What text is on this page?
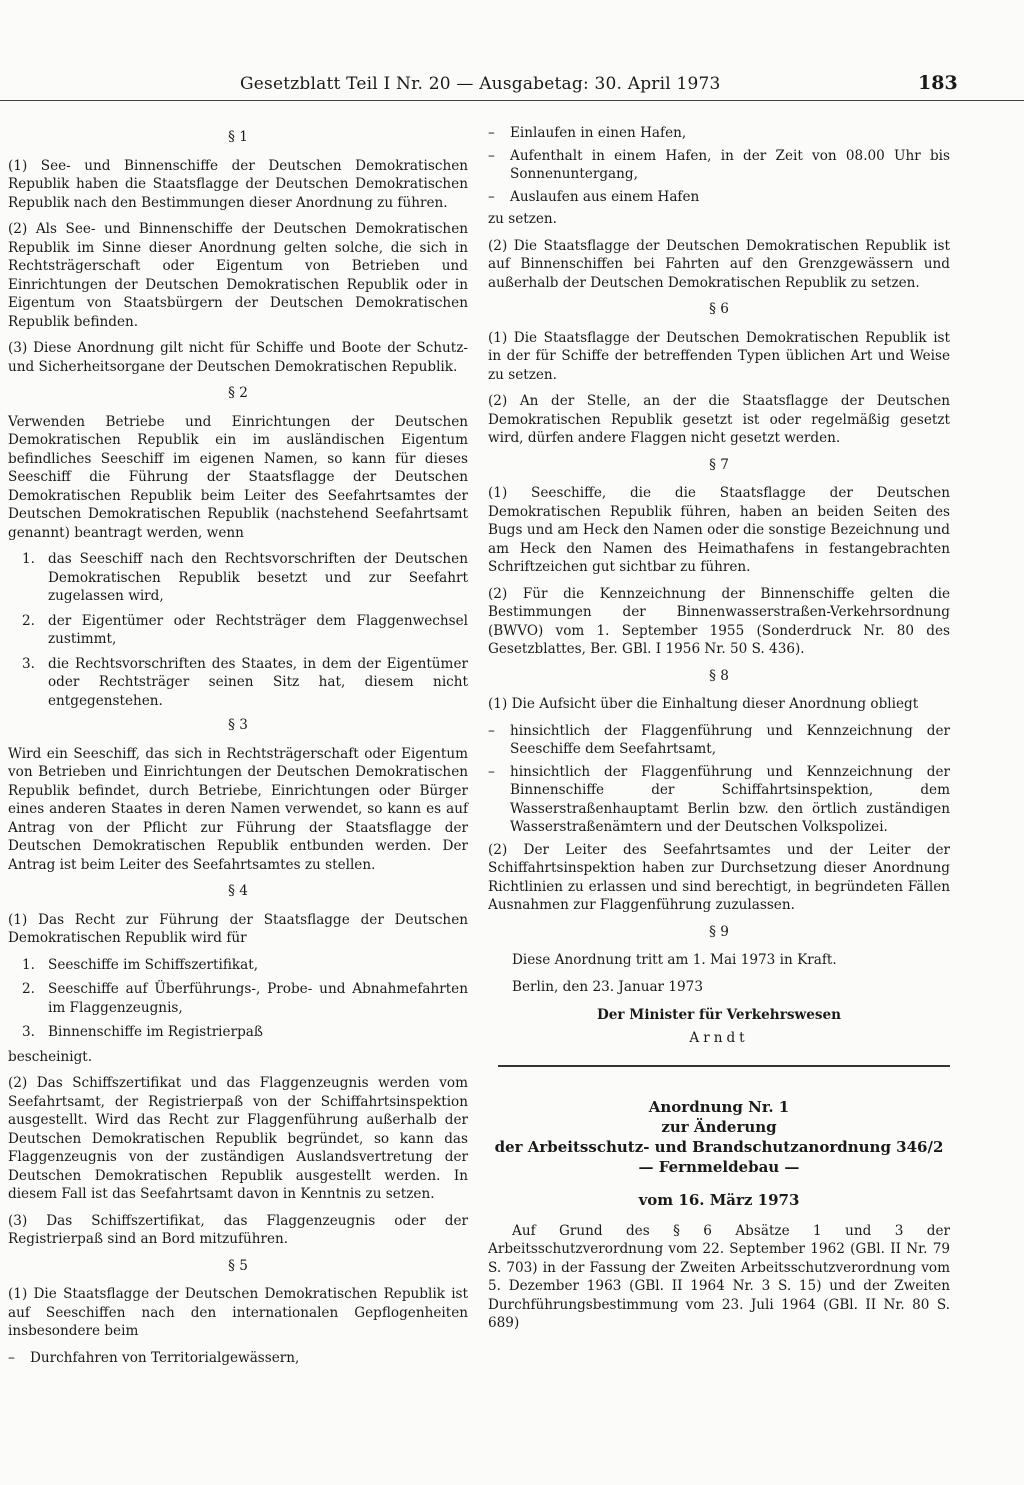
Gesetzblatt Teil I Nr. 20 — Ausgabetag: 30. April 1973	183
§ 1

(1) See- und Binnenschiffe der Deutschen Demokratischen Republik haben die Staatsflagge der Deutschen Demokratischen Republik nach den Bestimmungen dieser Anordnung zu führen.

(2) Als See- und Binnenschiffe der Deutschen Demokratischen Republik im Sinne dieser Anordnung gelten solche, die sich in Rechtsträgerschaft oder Eigentum von Betrieben und Einrichtungen der Deutschen Demokratischen Republik oder in Eigentum von Staatsbürgern der Deutschen Demokratischen Republik befinden.

(3) Diese Anordnung gilt nicht für Schiffe und Boote der Schutz- und Sicherheitsorgane der Deutschen Demokratischen Republik.

§ 2

Verwenden Betriebe und Einrichtungen der Deutschen Demokratischen Republik ein im ausländischen Eigentum befindliches Seeschiff im eigenen Namen, so kann für dieses Seeschiff die Führung der Staatsflagge der Deutschen Demokratischen Republik beim Leiter des Seefahrtsamtes der Deutschen Demokratischen Republik (nachstehend Seefahrtsamt genannt) beantragt werden, wenn

1. das Seeschiff nach den Rechtsvorschriften der Deutschen Demokratischen Republik besetzt und zur Seefahrt zugelassen wird,
2. der Eigentümer oder Rechtsträger dem Flaggenwechsel zustimmt,
3. die Rechtsvorschriften des Staates, in dem der Eigentümer oder Rechtsträger seinen Sitz hat, diesem nicht entgegenstehen.
§ 3

Wird ein Seeschiff, das sich in Rechtsträgerschaft oder Eigentum von Betrieben und Einrichtungen der Deutschen Demokratischen Republik befindet, durch Betriebe, Einrichtungen oder Bürger eines anderen Staates in deren Namen verwendet, so kann es auf Antrag von der Pflicht zur Führung der Staatsflagge der Deutschen Demokratischen Republik entbunden werden. Der Antrag ist beim Leiter des Seefahrtsamtes zu stellen.

§ 4

(1) Das Recht zur Führung der Staatsflagge der Deutschen Demokratischen Republik wird für

1. Seeschiffe im Schiffszertifikat,
2. Seeschiffe auf Überführungs-, Probe- und Abnahmefahrten im Flaggenzeugnis,
3. Binnenschiffe im Registrierpaß

bescheinigt.

(2) Das Schiffszertifikat und das Flaggenzeugnis werden vom Seefahrtsamt, der Registrierpaß von der Schiffahrtsinspektion ausgestellt. Wird das Recht zur Flaggenführung außerhalb der Deutschen Demokratischen Republik begründet, so kann das Flaggenzeugnis von der zuständigen Auslandsvertretung der Deutschen Demokratischen Republik ausgestellt werden. In diesem Fall ist das Seefahrtsamt davon in Kenntnis zu setzen.

(3) Das Schiffszertifikat, das Flaggenzeugnis oder der Registrierpaß sind an Bord mitzuführen.

§ 5

(1) Die Staatsflagge der Deutschen Demokratischen Republik ist auf Seeschiffen nach den internationalen Gepflogenheiten insbesondere beim

–	Durchfahren von Territorialgewässern,
–	Einlaufen in einen Hafen,
–	Aufenthalt in einem Hafen, in der Zeit von 08.00 Uhr bis Sonnenuntergang,
–	Auslaufen aus einem Hafen

zu setzen.

(2) Die Staatsflagge der Deutschen Demokratischen Republik ist auf Binnenschiffen bei Fahrten auf den Grenzgewässern und außerhalb der Deutschen Demokratischen Republik zu setzen.

§ 6

(1) Die Staatsflagge der Deutschen Demokratischen Republik ist in der für Schiffe der betreffenden Typen üblichen Art und Weise zu setzen.

(2) An der Stelle, an der die Staatsflagge der Deutschen Demokratischen Republik gesetzt ist oder regelmäßig gesetzt wird, dürfen andere Flaggen nicht gesetzt werden.

§ 7

(1) Seeschiffe, die die Staatsflagge der Deutschen Demokratischen Republik führen, haben an beiden Seiten des Bugs und am Heck den Namen oder die sonstige Bezeichnung und am Heck den Namen des Heimathafens in festangebrachten Schriftzeichen gut sichtbar zu führen.

(2) Für die Kennzeichnung der Binnenschiffe gelten die Bestimmungen der Binnenwasserstraßen-Verkehrsordnung (BWVO) vom 1. September 1955 (Sonderdruck Nr. 80 des Gesetzblattes, Ber. GBl. I 1956 Nr. 50 S. 436).

§ 8

(1) Die Aufsicht über die Einhaltung dieser Anordnung obliegt

–	hinsichtlich der Flaggenführung und Kennzeichnung der Seeschiffe dem Seefahrtsamt,
–	hinsichtlich der Flaggenführung und Kennzeichnung der Binnenschiffe der Schiffahrtsinspektion, dem Wasserstraßenhauptamt Berlin bzw. den örtlich zuständigen Wasserstraßenämtern und der Deutschen Volkspolizei.

(2) Der Leiter des Seefahrtsamtes und der Leiter der Schiffahrtsinspektion haben zur Durchsetzung dieser Anordnung Richtlinien zu erlassen und sind berechtigt, in begründeten Fällen Ausnahmen zur Flaggenführung zuzulassen.

§ 9

Diese Anordnung tritt am 1. Mai 1973 in Kraft.

Berlin, den 23. Januar 1973

Der Minister für Verkehrswesen
Arndt
Anordnung Nr. 1
zur Änderung
der Arbeitsschutz- und Brandschutzanordnung 346/2
— Fernmeldebau —
vom 16. März 1973

Auf Grund des § 6 Absätze 1 und 3 der Arbeitsschutzverordnung vom 22. September 1962 (GBl. II Nr. 79 S. 703) in der Fassung der Zweiten Arbeitsschutzverordnung vom 5. Dezember 1963 (GBl. II 1964 Nr. 3 S. 15) und der Zweiten Durchführungsbestimmung vom 23. Juli 1964 (GBl. II Nr. 80 S. 689)
